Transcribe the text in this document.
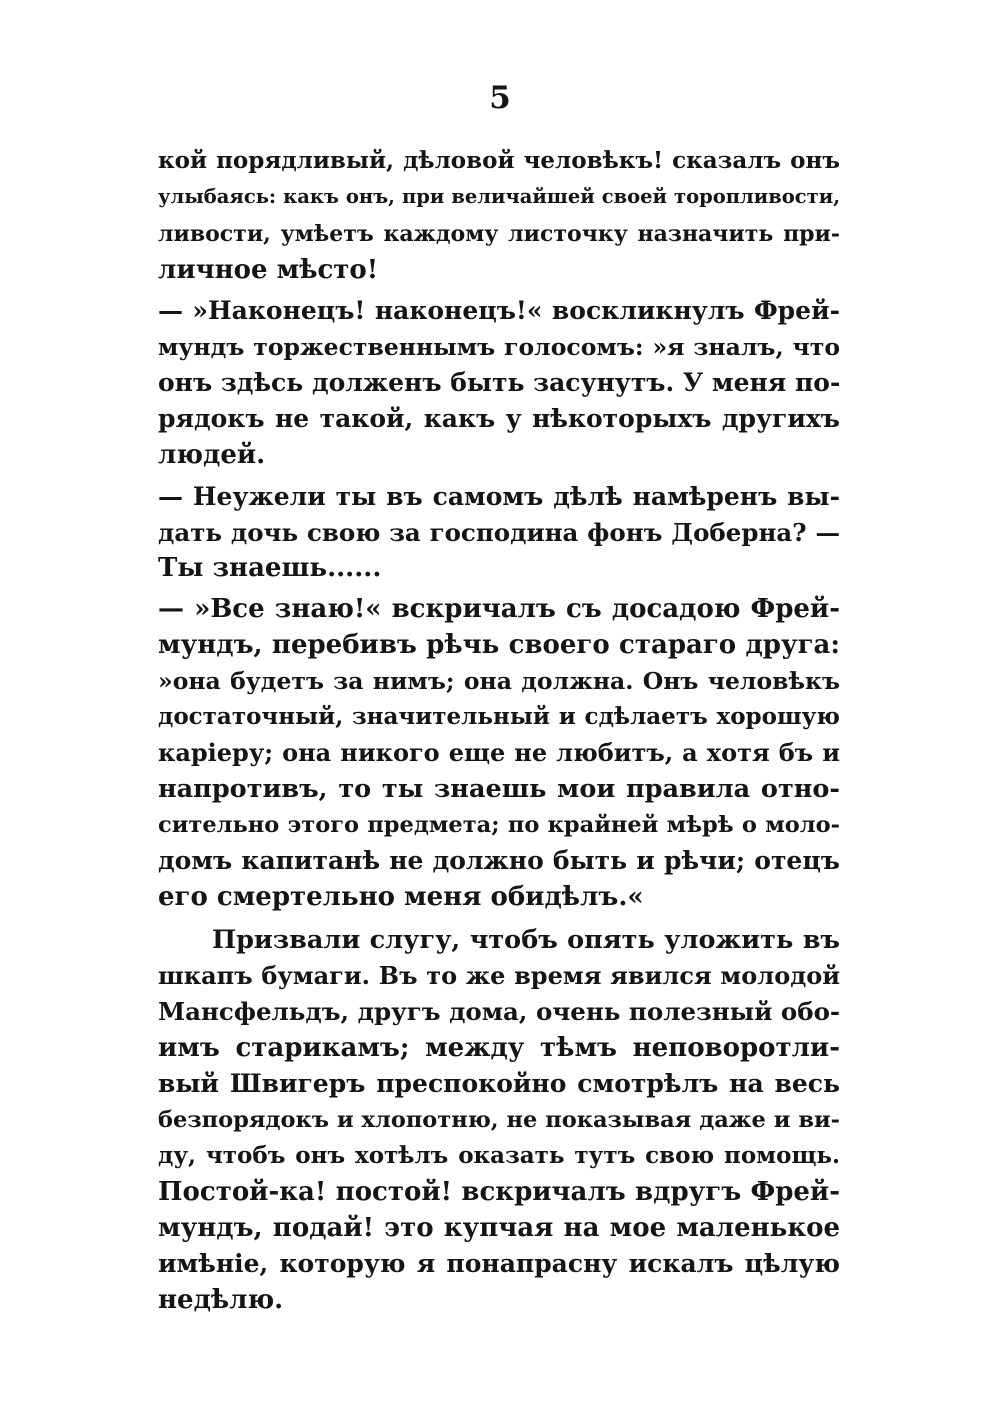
5
кой порядливый, дѣловой человѣкъ! сказалъ онъ
улыбаясь: какъ онъ, при величайшей своей торопливости,
ливости, умѣетъ каждому листочку назначить при-
личное мѣсто!
— »Наконецъ! наконецъ!« воскликнулъ Фрей-
мундъ торжественнымъ голосомъ: »я зналъ, что
онъ здѣсь долженъ быть засунутъ. У меня по-
рядокъ не такой, какъ у нѣкоторыхъ другихъ
людей.
— Неужели ты въ самомъ дѣлѣ намѣренъ вы-
дать дочь свою за господина фонъ Доберна? —
Ты знаешь......
— »Все знаю!« вскричалъ съ досадою Фрей-
мундъ, перебивъ рѣчь своего стараго друга:
»она будетъ за нимъ; она должна. Онъ человѣкъ
достаточный, значительный и сдѣлаетъ хорошую
карiеру; она никого еще не любитъ, а хотя бъ и
напротивъ, то ты знаешь мои правила отно-
сительно этого предмета; по крайней мѣрѣ о моло-
домъ капитанѣ не должно быть и рѣчи; отецъ
его смертельно меня обидѣлъ.«
Призвали слугу, чтобъ опять уложить въ
шкапъ бумаги. Въ то же время явился молодой
Мансфельдъ, другъ дома, очень полезный обо-
имъ старикамъ; между тѣмъ неповоротли-
вый Швигеръ преспокойно смотрѣлъ на весь
безпорядокъ и хлопотню, не показывая даже и ви-
ду, чтобъ онъ хотѣлъ оказать тутъ свою помощь.
Постой-ка! постой! вскричалъ вдругъ Фрей-
мундъ, подай! это купчая на мое маленькое
имѣнiе, которую я понапрасну искалъ цѣлую
недѣлю.
